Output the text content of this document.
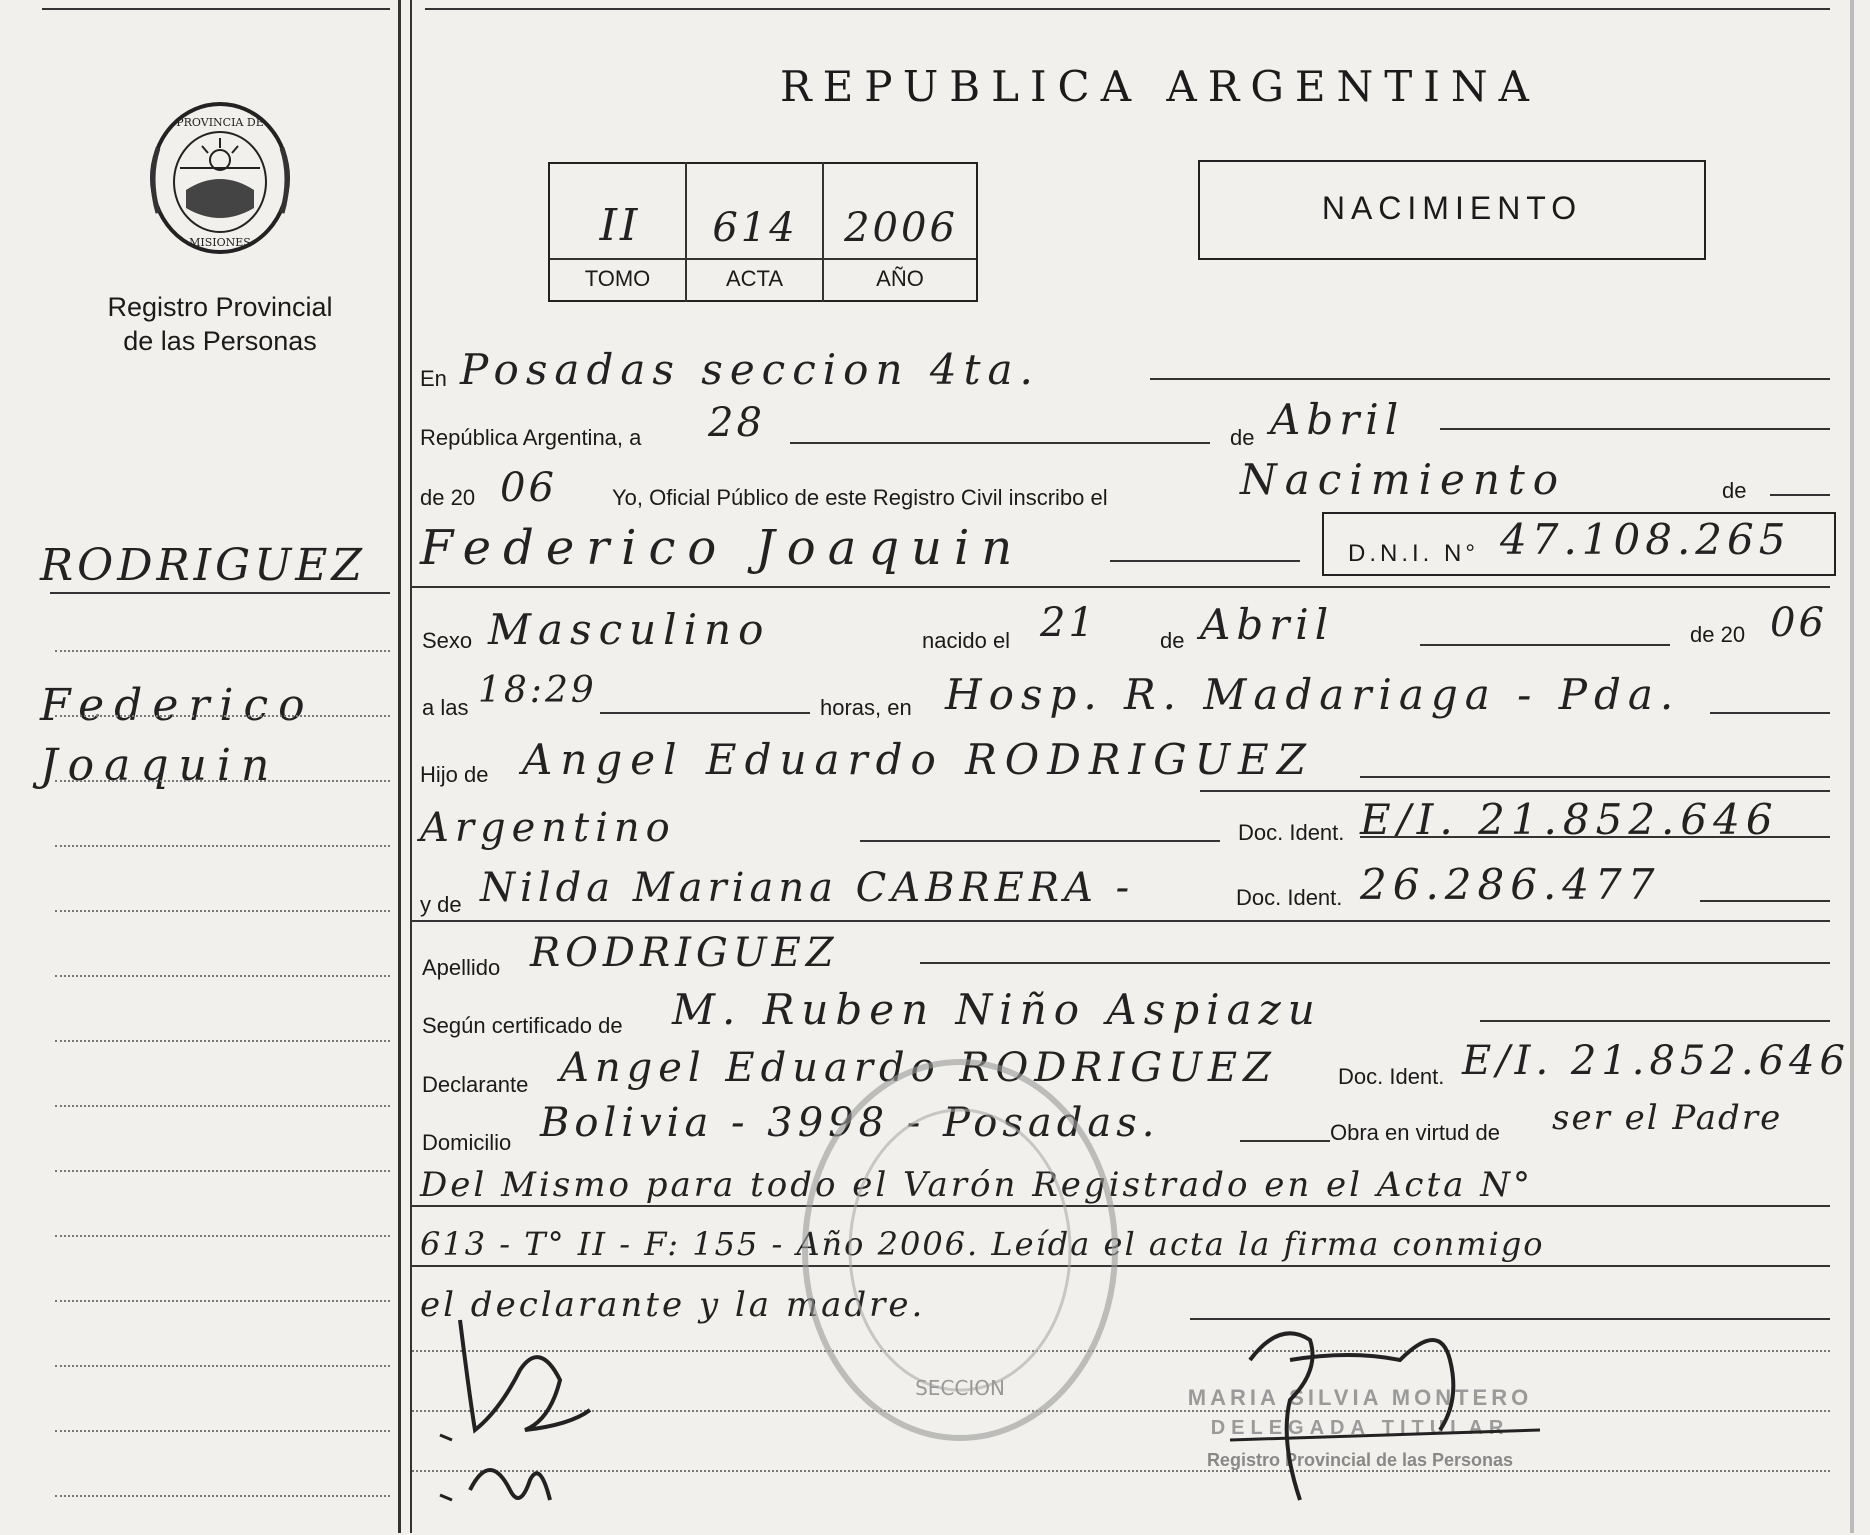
PROVINCIA DE
MISIONES
Registro Provincial
de las Personas
RODRIGUEZ
Federico
Joaquin
REPUBLICA ARGENTINA
II	614	2006
TOMO	ACTA	AÑO
NACIMIENTO
En Posadas seccion 4ta.
República Argentina, a 28	de Abril
de 20 06	Yo, Oficial Público de este Registro Civil inscribo el	Nacimiento	de
Federico Joaquin	D.N.I. N° 47.108.265
Sexo Masculino	nacido el 21	de Abril	de 20 06
a las 18:29	horas, en Hosp. R. Madariaga - Pda.
Hijo de Angel Eduardo RODRIGUEZ
Argentino	Doc. Ident. E/I. 21.852.646
y de Nilda Mariana CABRERA -	Doc. Ident. 26.286.477
Apellido RODRIGUEZ
Según certificado de M. Ruben Niño Aspiazu
Declarante Angel Eduardo RODRIGUEZ	Doc. Ident. E/I. 21.852.646
Domicilio Bolivia - 3998 - Posadas.	Obra en virtud de ser el Padre
Del Mismo para todo el Varón Registrado en el Acta N°
613 - T° II - F: 155 - Año 2006. Leída el acta la firma conmigo
el declarante y la madre.
SECCION	MARIA SILVIA MONTERO
DELEGADA TITULAR
Registro Provincial de las Personas
